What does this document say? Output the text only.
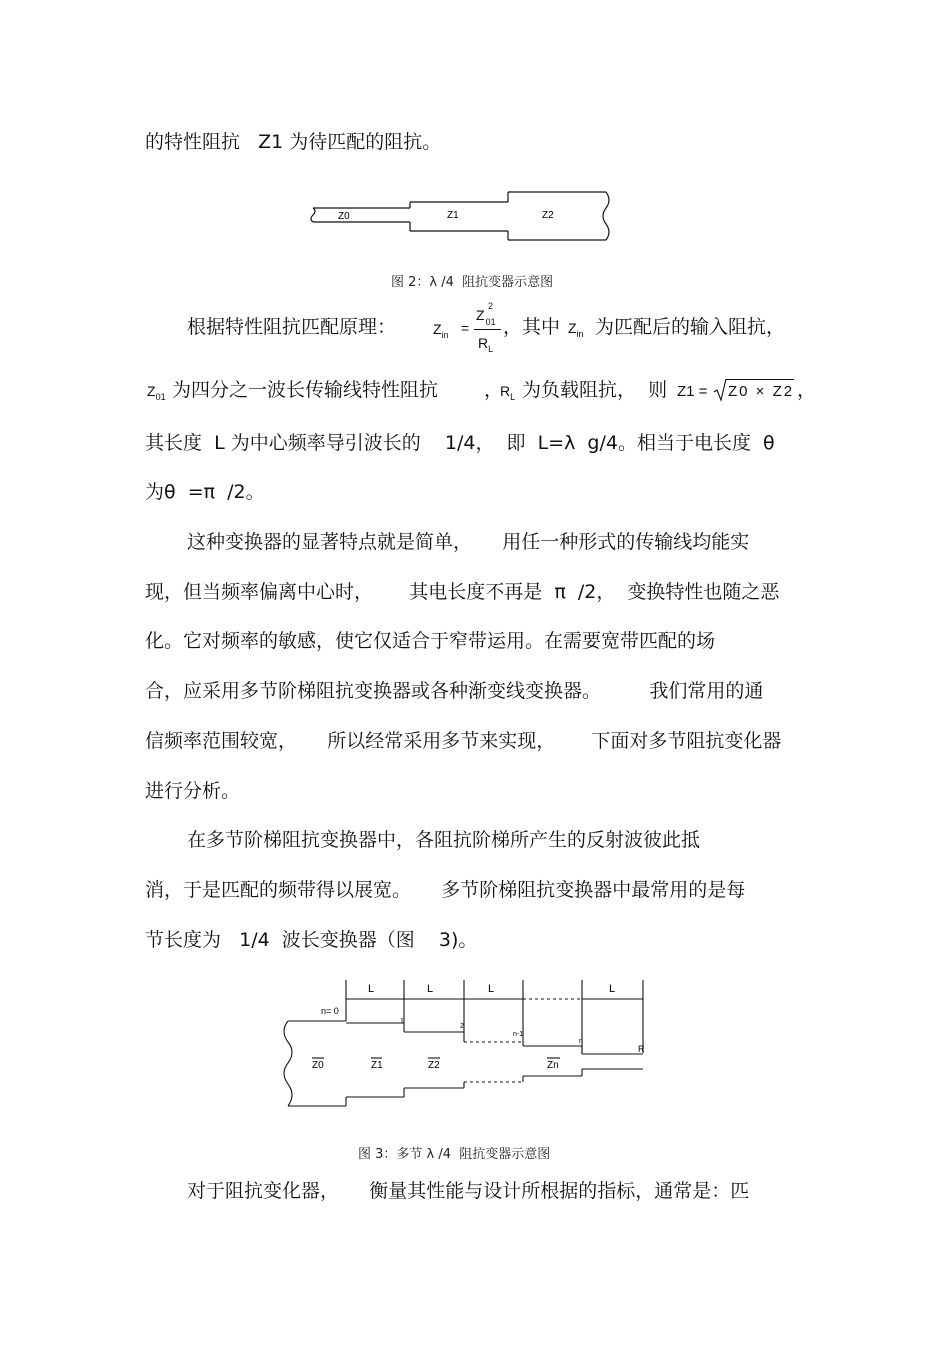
的特性阻抗   Z1 为待匹配的阻抗。
Z0	Z1	Z2
图 2：λ /4  阻抗变器示意图
根据特性阻抗匹配原理：	$Z_{in}$ =
Z
2
$_{01}$
$R_L$
，其中 $Z_{in}$ 为匹配后的输入阻抗，
$Z_{01}$ 为四分之一波长传输线特性阻抗 ，
$R_L$ 为负载阻抗，  则 Z1 = Z0 × Z2 ，
其长度  L 为中心频率导引波长的    1/4，  即  L=λ  g/4。相当于电长度  θ
为θ  =π  /2。
这种变换器的显著特点就是简单，     用任一种形式的传输线均能实
现，但当频率偏离中心时，      其电长度不再是  π  /2，  变换特性也随之恶
化。它对频率的敏感，使它仅适合于窄带运用。在需要宽带匹配的场
合，应采用多节阶梯阻抗变换器或各种渐变线变换器。        我们常用的通
信频率范围较宽，     所以经常采用多节来实现，      下面对多节阻抗变化器
进行分析。
在多节阶梯阻抗变换器中，各阻抗阶梯所产生的反射波彼此抵
消，于是匹配的频带得以展宽。     多节阶梯阻抗变换器中最常用的是每
节长度为   1/4  波长变换器（图    3)。
L	L	L	L
n= 0
1
2
n-1
n
R
Z0	Z1	Z2	Zn
图 3：多节 λ /4  阻抗变器示意图
对于阻抗变化器，     衡量其性能与设计所根据的指标，通常是：匹
